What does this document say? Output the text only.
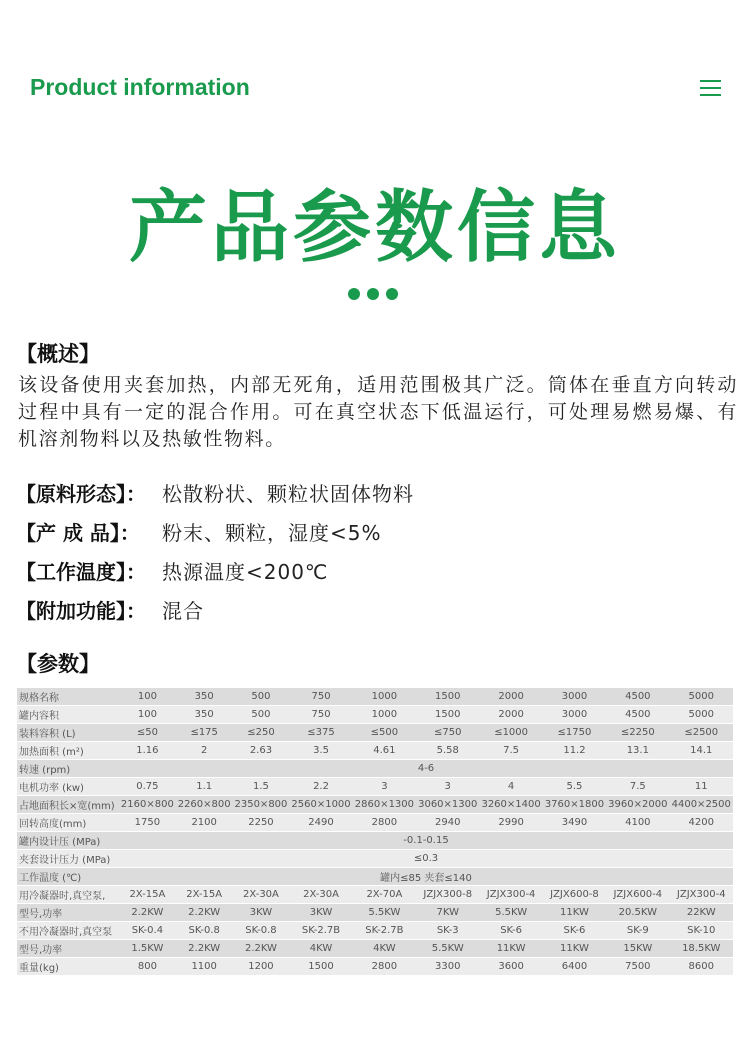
Product information
产品参数信息
【概述】
该设备使用夹套加热，内部无死角，适用范围极其广泛。筒体在垂直方向转动过程中具有一定的混合作用。可在真空状态下低温运行，可处理易燃易爆、有机溶剂物料以及热敏性物料。
【原料形态】： 松散粉状、颗粒状固体物料
【产 成 品】： 粉末、颗粒，湿度<5%
【工作温度】： 热源温度<200℃
【附加功能】： 混合
【参数】
规格名称	100	350	500	750	1000	1500	2000	3000	4500	5000
罐内容积	100	350	500	750	1000	1500	2000	3000	4500	5000
装料容积 (L)	≤50	≤175	≤250	≤375	≤500	≤750	≤1000	≤1750	≤2250	≤2500
加热面积 (m²)	1.16	2	2.63	3.5	4.61	5.58	7.5	11.2	13.1	14.1
转速 (rpm)	4-6									
电机功率 (kw)	0.75	1.1	1.5	2.2	3	3	4	5.5	7.5	11
占地面积长×宽(mm)	2160×800	2260×800	2350×800	2560×1000	2860×1300	3060×1300	3260×1400	3760×1800	3960×2000	4400×2500
回转高度(mm)	1750	2100	2250	2490	2800	2940	2990	3490	4100	4200
罐内设计压 (MPa)	-0.1-0.15									
夹套设计压力 (MPa)	≤0.3									
工作温度 (℃)	罐内≤85 夹套≤140									
用冷凝器时,真空泵,	2X-15A	2X-15A	2X-30A	2X-30A	2X-70A	JZJX300-8	JZJX300-4	JZJX600-8	JZJX600-4	JZJX300-4
型号,功率	2.2KW	2.2KW	3KW	3KW	5.5KW	7KW	5.5KW	11KW	20.5KW	22KW
不用冷凝器时,真空泵	SK-0.4	SK-0.8	SK-0.8	SK-2.7B	SK-2.7B	SK-3	SK-6	SK-6	SK-9	SK-10
型号,功率	1.5KW	2.2KW	2.2KW	4KW	4KW	5.5KW	11KW	11KW	15KW	18.5KW
重量(kg)	800	1100	1200	1500	2800	3300	3600	6400	7500	8600
